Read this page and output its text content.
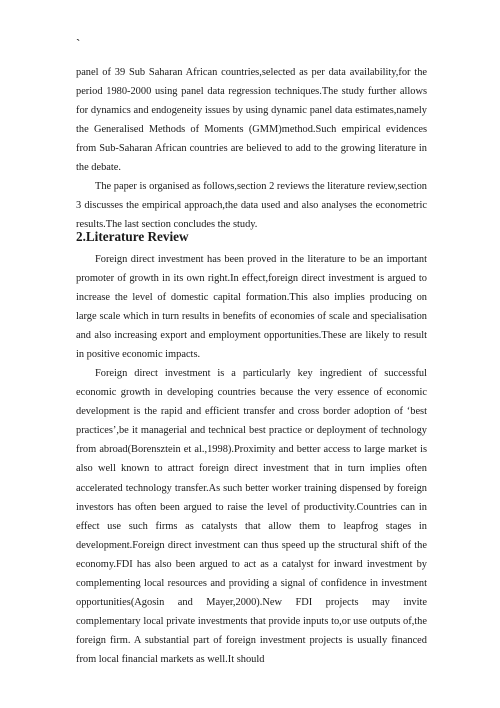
`

panel of 39 Sub Saharan African countries,selected as per data availability,for the period 1980-2000 using panel data regression techniques.The study further allows for dynamics and endogeneity issues by using dynamic panel data estimates,namely the Generalised Methods of Moments (GMM)method.Such empirical evidences from Sub-Saharan African countries are believed to add to the growing literature in the debate.

The paper is organised as follows,section 2 reviews the literature review,section 3 discusses the empirical approach,the data used and also analyses the econometric results.The last section concludes the study.

2.Literature Review

Foreign direct investment has been proved in the literature to be an important promoter of growth in its own right.In effect,foreign direct investment is argued to increase the level of domestic capital formation.This also implies producing on large scale which in turn results in benefits of economies of scale and specialisation and also increasing export and employment opportunities.These are likely to result in positive economic impacts.

Foreign direct investment is a particularly key ingredient of successful economic growth in developing countries because the very essence of economic development is the rapid and efficient transfer and cross border adoption of ‘best practices’,be it managerial and technical best practice or deployment of technology from abroad(Borensztein et al.,1998).Proximity and better access to large market is also well known to attract foreign direct investment that in turn implies often accelerated technology transfer.As such better worker training dispensed by foreign investors has often been argued to raise the level of productivity.Countries can in effect use such firms as catalysts that allow them to leapfrog stages in development.Foreign direct investment can thus speed up the structural shift of the economy.FDI has also been argued to act as a catalyst for inward investment by complementing local resources and providing a signal of confidence in investment opportunities(Agosin and Mayer,2000).New FDI projects may invite complementary local private investments that provide inputs to,or use outputs of,the foreign firm. A substantial part of foreign investment projects is usually financed from local financial markets as well.It should
